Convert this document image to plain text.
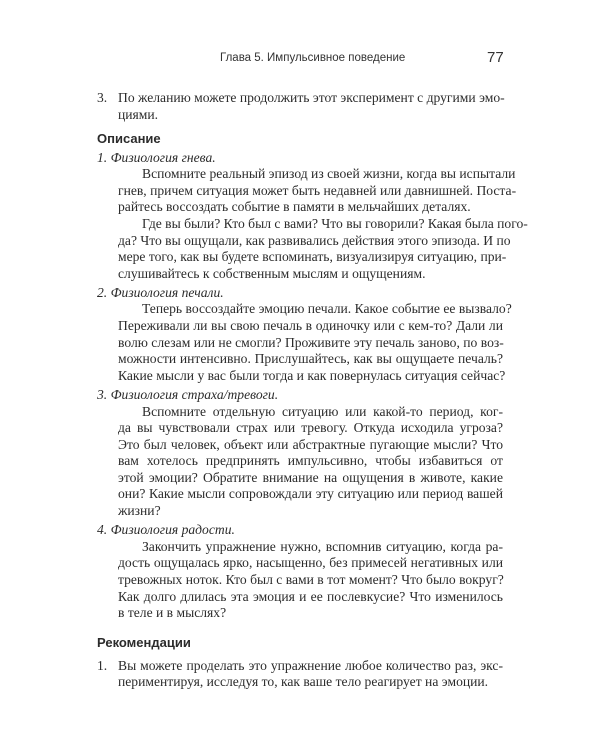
Глава 5. Импульсивное поведение	77
3. По желанию можете продолжить этот эксперимент с другими эмо-
циями.
Описание
1. Физиология гнева.
Вспомните реальный эпизод из своей жизни, когда вы испытали
гнев, причем ситуация может быть недавней или давнишней. Поста-
райтесь воссоздать событие в памяти в мельчайших деталях.
Где вы были? Кто был с вами? Что вы говорили? Какая была пого-
да? Что вы ощущали, как развивались действия этого эпизода. И по
мере того, как вы будете вспоминать, визуализируя ситуацию, при-
слушивайтесь к собственным мыслям и ощущениям.
2. Физиология печали.
Теперь воссоздайте эмоцию печали. Какое событие ее вызвало?
Переживали ли вы свою печаль в одиночку или с кем-то? Дали ли
волю слезам или не смогли? Проживите эту печаль заново, по воз-
можности интенсивно. Прислушайтесь, как вы ощущаете печаль?
Какие мысли у вас были тогда и как повернулась ситуация сейчас?
3. Физиология страха/тревоги.
Вспомните отдельную ситуацию или какой-то период, ког-
да вы чувствовали страх или тревогу. Откуда исходила угроза?
Это был человек, объект или абстрактные пугающие мысли? Что
вам хотелось предпринять импульсивно, чтобы избавиться от
этой эмоции? Обратите внимание на ощущения в животе, какие
они? Какие мысли сопровождали эту ситуацию или период вашей
жизни?
4. Физиология радости.
Закончить упражнение нужно, вспомнив ситуацию, когда ра-
дость ощущалась ярко, насыщенно, без примесей негативных или
тревожных ноток. Кто был с вами в тот момент? Что было вокруг?
Как долго длилась эта эмоция и ее послевкусие? Что изменилось
в теле и в мыслях?
Рекомендации
1. Вы можете проделать это упражнение любое количество раз, экс-
периментируя, исследуя то, как ваше тело реагирует на эмоции.
